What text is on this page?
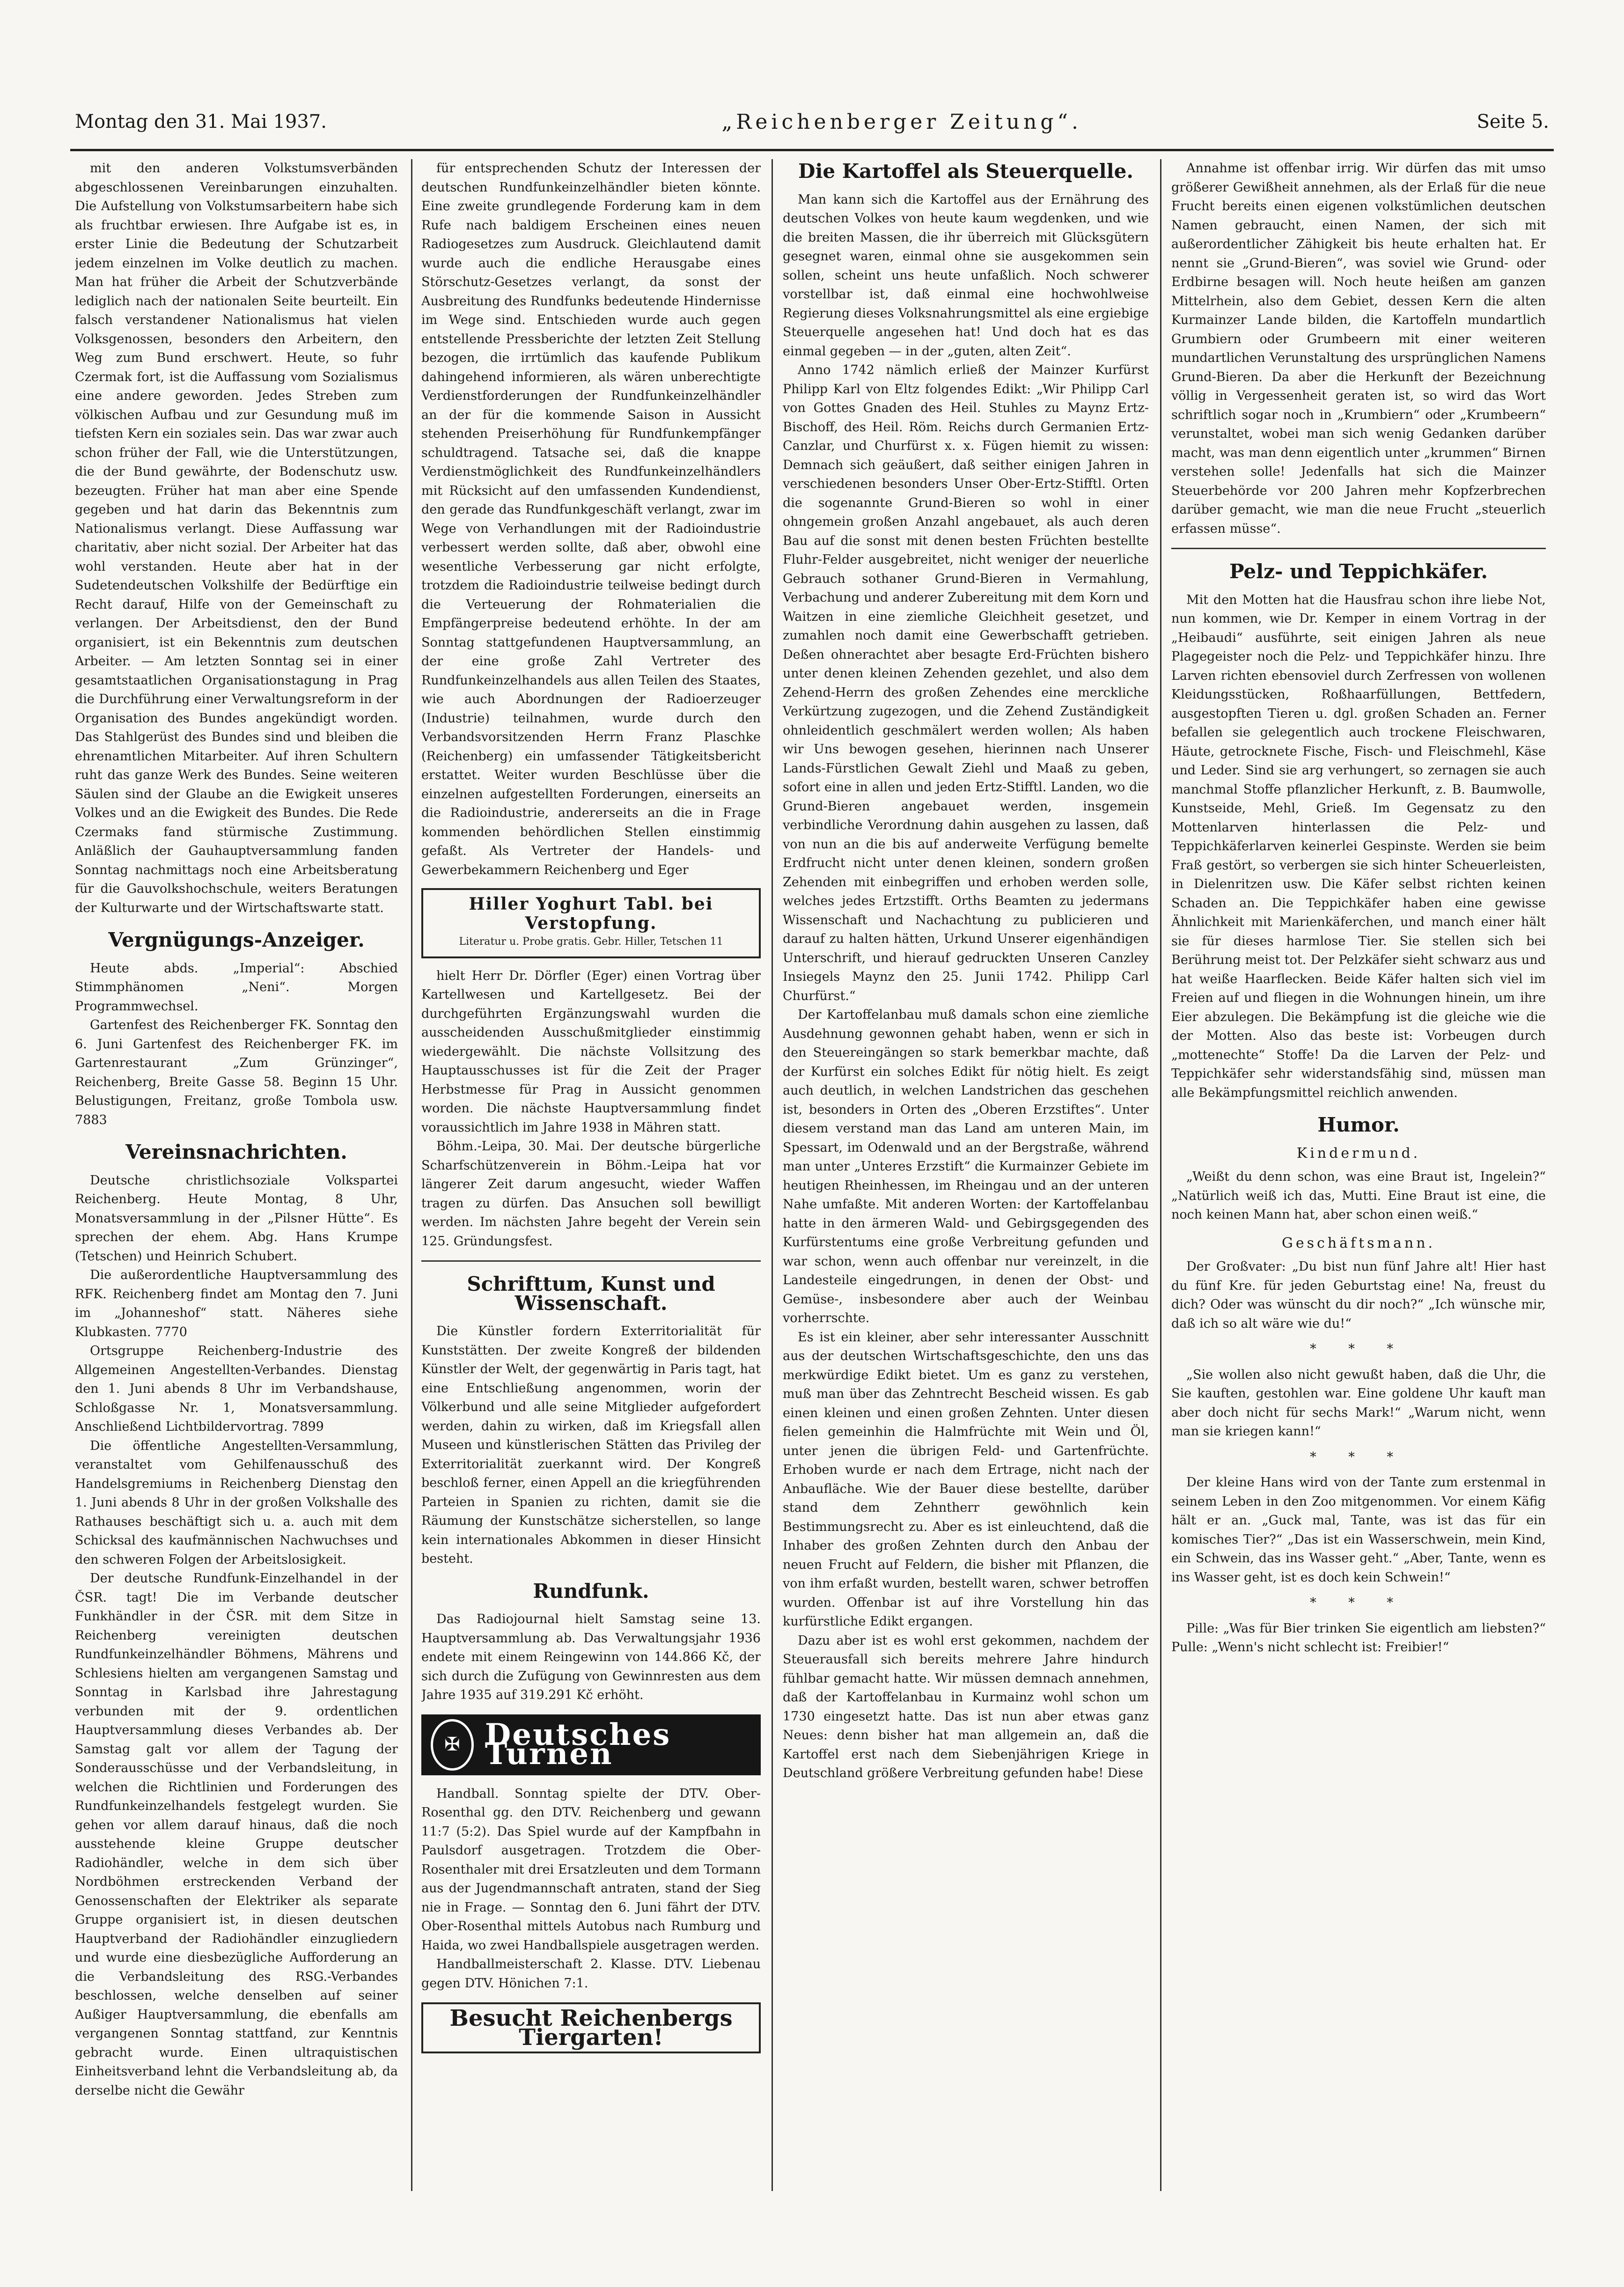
Montag den 31. Mai 1937.	„Reichenberger Zeitung“.	Seite 5.

mit den anderen Volkstumsverbänden abgeschlossenen Vereinbarungen einzuhalten. Die Aufstellung von Volkstumsarbeitern habe sich als fruchtbar erwiesen. Ihre Aufgabe ist es, in erster Linie die Bedeutung der Schutzarbeit jedem einzelnen im Volke deutlich zu machen. Man hat früher die Arbeit der Schutzverbände lediglich nach der nationalen Seite beurteilt. Ein falsch verstandener Nationalismus hat vielen Volksgenossen, besonders den Arbeitern, den Weg zum Bund erschwert. Heute, so fuhr Czermak fort, ist die Auffassung vom Sozialismus eine andere geworden. Jedes Streben zum völkischen Aufbau und zur Gesundung muß im tiefsten Kern ein soziales sein. Das war zwar auch schon früher der Fall, wie die Unterstützungen, die der Bund gewährte, der Bodenschutz usw. bezeugten. Früher hat man aber eine Spende gegeben und hat darin das Bekenntnis zum Nationalismus verlangt. Diese Auffassung war charitativ, aber nicht sozial. Der Arbeiter hat das wohl verstanden. Heute aber hat in der Sudetendeutschen Volkshilfe der Bedürftige ein Recht darauf, Hilfe von der Gemeinschaft zu verlangen. Der Arbeitsdienst, den der Bund organisiert, ist ein Bekenntnis zum deutschen Arbeiter. — Am letzten Sonntag sei in einer gesamtstaatlichen Organisationstagung in Prag die Durchführung einer Verwaltungsreform in der Organisation des Bundes angekündigt worden. Das Stahlgerüst des Bundes sind und bleiben die ehrenamtlichen Mitarbeiter. Auf ihren Schultern ruht das ganze Werk des Bundes. Seine weiteren Säulen sind der Glaube an die Ewigkeit unseres Volkes und an die Ewigkeit des Bundes. Die Rede Czermaks fand stürmische Zustimmung. Anläßlich der Gauhauptversammlung fanden Sonntag nachmittags noch eine Arbeitsberatung für die Gauvolkshochschule, weiters Beratungen der Kulturwarte und der Wirtschaftswarte statt.

Vergnügungs-Anzeiger.

Heute abds. „Imperial“: Abschied Stimmphänomen „Neni“. Morgen Programmwechsel.

Gartenfest des Reichenberger FK. Sonntag den 6. Juni Gartenfest des Reichenberger FK. im Gartenrestaurant „Zum Grünzinger“, Reichenberg, Breite Gasse 58. Beginn 15 Uhr. Belustigungen, Freitanz, große Tombola usw. 7883

Vereinsnachrichten.

Deutsche christlichsoziale Volkspartei Reichenberg. Heute Montag, 8 Uhr, Monatsversammlung in der „Pilsner Hütte“. Es sprechen der ehem. Abg. Hans Krumpe (Tetschen) und Heinrich Schubert.

Die außerordentliche Hauptversammlung des RFK. Reichenberg findet am Montag den 7. Juni im „Johanneshof“ statt. Näheres siehe Klubkasten. 7770

Ortsgruppe Reichenberg-Industrie des Allgemeinen Angestellten-Verbandes. Dienstag den 1. Juni abends 8 Uhr im Verbandshause, Schloßgasse Nr. 1, Monatsversammlung. Anschließend Lichtbildervortrag. 7899

Die öffentliche Angestellten-Versammlung, veranstaltet vom Gehilfenausschuß des Handelsgremiums in Reichenberg Dienstag den 1. Juni abends 8 Uhr in der großen Volkshalle des Rathauses beschäftigt sich u. a. auch mit dem Schicksal des kaufmännischen Nachwuchses und den schweren Folgen der Arbeitslosigkeit.

Der deutsche Rundfunk-Einzelhandel in der ČSR. tagt! Die im Verbande deutscher Funkhändler in der ČSR. mit dem Sitze in Reichenberg vereinigten deutschen Rundfunkeinzelhändler Böhmens, Mährens und Schlesiens hielten am vergangenen Samstag und Sonntag in Karlsbad ihre Jahrestagung verbunden mit der 9. ordentlichen Hauptversammlung dieses Verbandes ab. Der Samstag galt vor allem der Tagung der Sonderausschüsse und der Verbandsleitung, in welchen die Richtlinien und Forderungen des Rundfunkeinzelhandels festgelegt wurden. Sie gehen vor allem darauf hinaus, daß die noch ausstehende kleine Gruppe deutscher Radiohändler, welche in dem sich über Nordböhmen erstreckenden Verband der Genossenschaften der Elektriker als separate Gruppe organisiert ist, in diesen deutschen Hauptverband der Radiohändler einzugliedern und wurde eine diesbezügliche Aufforderung an die Verbandsleitung des RSG.-Verbandes beschlossen, welche denselben auf seiner Außiger Hauptversammlung, die ebenfalls am vergangenen Sonntag stattfand, zur Kenntnis gebracht wurde. Einen ultraquistischen Einheitsverband lehnt die Verbandsleitung ab, da derselbe nicht die Gewähr

für entsprechenden Schutz der Interessen der deutschen Rundfunkeinzelhändler bieten könnte. Eine zweite grundlegende Forderung kam in dem Rufe nach baldigem Erscheinen eines neuen Radiogesetzes zum Ausdruck. Gleichlautend damit wurde auch die endliche Herausgabe eines Störschutz-Gesetzes verlangt, da sonst der Ausbreitung des Rundfunks bedeutende Hindernisse im Wege sind. Entschieden wurde auch gegen entstellende Pressberichte der letzten Zeit Stellung bezogen, die irrtümlich das kaufende Publikum dahingehend informieren, als wären unberechtigte Verdienstforderungen der Rundfunkeinzelhändler an der für die kommende Saison in Aussicht stehenden Preiserhöhung für Rundfunkempfänger schuldtragend. Tatsache sei, daß die knappe Verdienstmöglichkeit des Rundfunkeinzelhändlers mit Rücksicht auf den umfassenden Kundendienst, den gerade das Rundfunkgeschäft verlangt, zwar im Wege von Verhandlungen mit der Radioindustrie verbessert werden sollte, daß aber, obwohl eine wesentliche Verbesserung gar nicht erfolgte, trotzdem die Radioindustrie teilweise bedingt durch die Verteuerung der Rohmaterialien die Empfängerpreise bedeutend erhöhte. In der am Sonntag stattgefundenen Hauptversammlung, an der eine große Zahl Vertreter des Rundfunkeinzelhandels aus allen Teilen des Staates, wie auch Abordnungen der Radioerzeuger (Industrie) teilnahmen, wurde durch den Verbandsvorsitzenden Herrn Franz Plaschke (Reichenberg) ein umfassender Tätigkeitsbericht erstattet. Weiter wurden Beschlüsse über die einzelnen aufgestellten Forderungen, einerseits an die Radioindustrie, andererseits an die in Frage kommenden behördlichen Stellen einstimmig gefaßt. Als Vertreter der Handels- und Gewerbekammern Reichenberg und Eger

Hiller Yoghurt Tabl. bei Verstopfung.
Literatur u. Probe gratis. Gebr. Hiller, Tetschen 11

hielt Herr Dr. Dörfler (Eger) einen Vortrag über Kartellwesen und Kartellgesetz. Bei der durchgeführten Ergänzungswahl wurden die ausscheidenden Ausschußmitglieder einstimmig wiedergewählt. Die nächste Vollsitzung des Hauptausschusses ist für die Zeit der Prager Herbstmesse für Prag in Aussicht genommen worden. Die nächste Hauptversammlung findet voraussichtlich im Jahre 1938 in Mähren statt.

Böhm.-Leipa, 30. Mai. Der deutsche bürgerliche Scharfschützenverein in Böhm.-Leipa hat vor längerer Zeit darum angesucht, wieder Waffen tragen zu dürfen. Das Ansuchen soll bewilligt werden. Im nächsten Jahre begeht der Verein sein 125. Gründungsfest.

Schrifttum, Kunst und Wissenschaft.

Die Künstler fordern Exterritorialität für Kunststätten. Der zweite Kongreß der bildenden Künstler der Welt, der gegenwärtig in Paris tagt, hat eine Entschließung angenommen, worin der Völkerbund und alle seine Mitglieder aufgefordert werden, dahin zu wirken, daß im Kriegsfall allen Museen und künstlerischen Stätten das Privileg der Exterritorialität zuerkannt wird. Der Kongreß beschloß ferner, einen Appell an die kriegführenden Parteien in Spanien zu richten, damit sie die Räumung der Kunstschätze sicherstellen, so lange kein internationales Abkommen in dieser Hinsicht besteht.

Rundfunk.

Das Radiojournal hielt Samstag seine 13. Hauptversammlung ab. Das Verwaltungsjahr 1936 endete mit einem Reingewinn von 144.866 Kč, der sich durch die Zufügung von Gewinnresten aus dem Jahre 1935 auf 319.291 Kč erhöht.

✠ Deutsches Turnen

Handball. Sonntag spielte der DTV. Ober-Rosenthal gg. den DTV. Reichenberg und gewann 11:7 (5:2). Das Spiel wurde auf der Kampfbahn in Paulsdorf ausgetragen. Trotzdem die Ober-Rosenthaler mit drei Ersatzleuten und dem Tormann aus der Jugendmannschaft antraten, stand der Sieg nie in Frage. — Sonntag den 6. Juni fährt der DTV. Ober-Rosenthal mittels Autobus nach Rumburg und Haida, wo zwei Handballspiele ausgetragen werden.

Handballmeisterschaft 2. Klasse. DTV. Liebenau gegen DTV. Hönichen 7:1.

Besucht Reichenbergs Tiergarten!
Die Kartoffel als Steuerquelle.

Man kann sich die Kartoffel aus der Ernährung des deutschen Volkes von heute kaum wegdenken, und wie die breiten Massen, die ihr überreich mit Glücksgütern gesegnet waren, einmal ohne sie ausgekommen sein sollen, scheint uns heute unfaßlich. Noch schwerer vorstellbar ist, daß einmal eine hochwohlweise Regierung dieses Volksnahrungsmittel als eine ergiebige Steuerquelle angesehen hat! Und doch hat es das einmal gegeben — in der „guten, alten Zeit“.

Anno 1742 nämlich erließ der Mainzer Kurfürst Philipp Karl von Eltz folgendes Edikt: „Wir Philipp Carl von Gottes Gnaden des Heil. Stuhles zu Maynz Ertz-Bischoff, des Heil. Röm. Reichs durch Germanien Ertz-Canzlar, und Churfürst x. x. Fügen hiemit zu wissen: Demnach sich geäußert, daß seither einigen Jahren in verschiedenen besonders Unser Ober-Ertz-Stifftl. Orten die sogenannte Grund-Bieren so wohl in einer ohngemein großen Anzahl angebauet, als auch deren Bau auf die sonst mit denen besten Früchten bestellte Fluhr-Felder ausgebreitet, nicht weniger der neuerliche Gebrauch sothaner Grund-Bieren in Vermahlung, Verbachung und anderer Zubereitung mit dem Korn und Waitzen in eine ziemliche Gleichheit gesetzet, und zumahlen noch damit eine Gewerbschafft getrieben. Deßen ohnerachtet aber besagte Erd-Früchten bishero unter denen kleinen Zehenden gezehlet, und also dem Zehend-Herrn des großen Zehendes eine merckliche Verkürtzung zugezogen, und die Zehend Zuständigkeit ohnleidentlich geschmälert werden wollen; Als haben wir Uns bewogen gesehen, hierinnen nach Unserer Lands-Fürstlichen Gewalt Ziehl und Maaß zu geben, sofort eine in allen und jeden Ertz-Stifftl. Landen, wo die Grund-Bieren angebauet werden, insgemein verbindliche Verordnung dahin ausgehen zu lassen, daß von nun an die bis auf anderweite Verfügung bemelte Erdfrucht nicht unter denen kleinen, sondern großen Zehenden mit einbegriffen und erhoben werden solle, welches jedes Ertzstifft. Orths Beamten zu jedermans Wissenschaft und Nachachtung zu publicieren und darauf zu halten hätten, Urkund Unserer eigenhändigen Unterschrift, und hierauf gedruckten Unseren Canzley Insiegels Maynz den 25. Junii 1742. Philipp Carl Churfürst.“

Der Kartoffelanbau muß damals schon eine ziemliche Ausdehnung gewonnen gehabt haben, wenn er sich in den Steuereingängen so stark bemerkbar machte, daß der Kurfürst ein solches Edikt für nötig hielt. Es zeigt auch deutlich, in welchen Landstrichen das geschehen ist, besonders in Orten des „Oberen Erzstiftes“. Unter diesem verstand man das Land am unteren Main, im Spessart, im Odenwald und an der Bergstraße, während man unter „Unteres Erzstift“ die Kurmainzer Gebiete im heutigen Rheinhessen, im Rheingau und an der unteren Nahe umfaßte. Mit anderen Worten: der Kartoffelanbau hatte in den ärmeren Wald- und Gebirgsgegenden des Kurfürstentums eine große Verbreitung gefunden und war schon, wenn auch offenbar nur vereinzelt, in die Landesteile eingedrungen, in denen der Obst- und Gemüse-, insbesondere aber auch der Weinbau vorherrschte.

Es ist ein kleiner, aber sehr interessanter Ausschnitt aus der deutschen Wirtschaftsgeschichte, den uns das merkwürdige Edikt bietet. Um es ganz zu verstehen, muß man über das Zehntrecht Bescheid wissen. Es gab einen kleinen und einen großen Zehnten. Unter diesen fielen gemeinhin die Halmfrüchte mit Wein und Öl, unter jenen die übrigen Feld- und Gartenfrüchte. Erhoben wurde er nach dem Ertrage, nicht nach der Anbaufläche. Wie der Bauer diese bestellte, darüber stand dem Zehntherr gewöhnlich kein Bestimmungsrecht zu. Aber es ist einleuchtend, daß die Inhaber des großen Zehnten durch den Anbau der neuen Frucht auf Feldern, die bisher mit Pflanzen, die von ihm erfaßt wurden, bestellt waren, schwer betroffen wurden. Offenbar ist auf ihre Vorstellung hin das kurfürstliche Edikt ergangen.

Dazu aber ist es wohl erst gekommen, nachdem der Steuerausfall sich bereits mehrere Jahre hindurch fühlbar gemacht hatte. Wir müssen demnach annehmen, daß der Kartoffelanbau in Kurmainz wohl schon um 1730 eingesetzt hatte. Das ist nun aber etwas ganz Neues: denn bisher hat man allgemein an, daß die Kartoffel erst nach dem Siebenjährigen Kriege in Deutschland größere Verbreitung gefunden habe! Diese

Annahme ist offenbar irrig. Wir dürfen das mit umso größerer Gewißheit annehmen, als der Erlaß für die neue Frucht bereits einen eigenen volkstümlichen deutschen Namen gebraucht, einen Namen, der sich mit außerordentlicher Zähigkeit bis heute erhalten hat. Er nennt sie „Grund-Bieren“, was soviel wie Grund- oder Erdbirne besagen will. Noch heute heißen am ganzen Mittelrhein, also dem Gebiet, dessen Kern die alten Kurmainzer Lande bilden, die Kartoffeln mundartlich Grumbiern oder Grumbeern mit einer weiteren mundartlichen Verunstaltung des ursprünglichen Namens Grund-Bieren. Da aber die Herkunft der Bezeichnung völlig in Vergessenheit geraten ist, so wird das Wort schriftlich sogar noch in „Krumbiern“ oder „Krumbeern“ verunstaltet, wobei man sich wenig Gedanken darüber macht, was man denn eigentlich unter „krummen“ Birnen verstehen solle! Jedenfalls hat sich die Mainzer Steuerbehörde vor 200 Jahren mehr Kopfzerbrechen darüber gemacht, wie man die neue Frucht „steuerlich erfassen müsse“.

Pelz- und Teppichkäfer.

Mit den Motten hat die Hausfrau schon ihre liebe Not, nun kommen, wie Dr. Kemper in einem Vortrag in der „Heibaudi“ ausführte, seit einigen Jahren als neue Plagegeister noch die Pelz- und Teppichkäfer hinzu. Ihre Larven richten ebensoviel durch Zerfressen von wollenen Kleidungsstücken, Roßhaarfüllungen, Bettfedern, ausgestopften Tieren u. dgl. großen Schaden an. Ferner befallen sie gelegentlich auch trockene Fleischwaren, Häute, getrocknete Fische, Fisch- und Fleischmehl, Käse und Leder. Sind sie arg verhungert, so zernagen sie auch manchmal Stoffe pflanzlicher Herkunft, z. B. Baumwolle, Kunstseide, Mehl, Grieß. Im Gegensatz zu den Mottenlarven hinterlassen die Pelz- und Teppichkäferlarven keinerlei Gespinste. Werden sie beim Fraß gestört, so verbergen sie sich hinter Scheuerleisten, in Dielenritzen usw. Die Käfer selbst richten keinen Schaden an. Die Teppichkäfer haben eine gewisse Ähnlichkeit mit Marienkäferchen, und manch einer hält sie für dieses harmlose Tier. Sie stellen sich bei Berührung meist tot. Der Pelzkäfer sieht schwarz aus und hat weiße Haarflecken. Beide Käfer halten sich viel im Freien auf und fliegen in die Wohnungen hinein, um ihre Eier abzulegen. Die Bekämpfung ist die gleiche wie die der Motten. Also das beste ist: Vorbeugen durch „mottenechte“ Stoffe! Da die Larven der Pelz- und Teppichkäfer sehr widerstandsfähig sind, müssen man alle Bekämpfungsmittel reichlich anwenden.

Humor.
Kindermund.

„Weißt du denn schon, was eine Braut ist, Ingelein?“ „Natürlich weiß ich das, Mutti. Eine Braut ist eine, die noch keinen Mann hat, aber schon einen weiß.“

Geschäftsmann.

Der Großvater: „Du bist nun fünf Jahre alt! Hier hast du fünf Kre. für jeden Geburtstag eine! Na, freust du dich? Oder was wünscht du dir noch?“ „Ich wünsche mir, daß ich so alt wäre wie du!“

* * *

„Sie wollen also nicht gewußt haben, daß die Uhr, die Sie kauften, gestohlen war. Eine goldene Uhr kauft man aber doch nicht für sechs Mark!“ „Warum nicht, wenn man sie kriegen kann!“

* * *

Der kleine Hans wird von der Tante zum erstenmal in seinem Leben in den Zoo mitgenommen. Vor einem Käfig hält er an. „Guck mal, Tante, was ist das für ein komisches Tier?“ „Das ist ein Wasserschwein, mein Kind, ein Schwein, das ins Wasser geht.“ „Aber, Tante, wenn es ins Wasser geht, ist es doch kein Schwein!“

* * *

Pille: „Was für Bier trinken Sie eigentlich am liebsten?“ Pulle: „Wenn's nicht schlecht ist: Freibier!“
